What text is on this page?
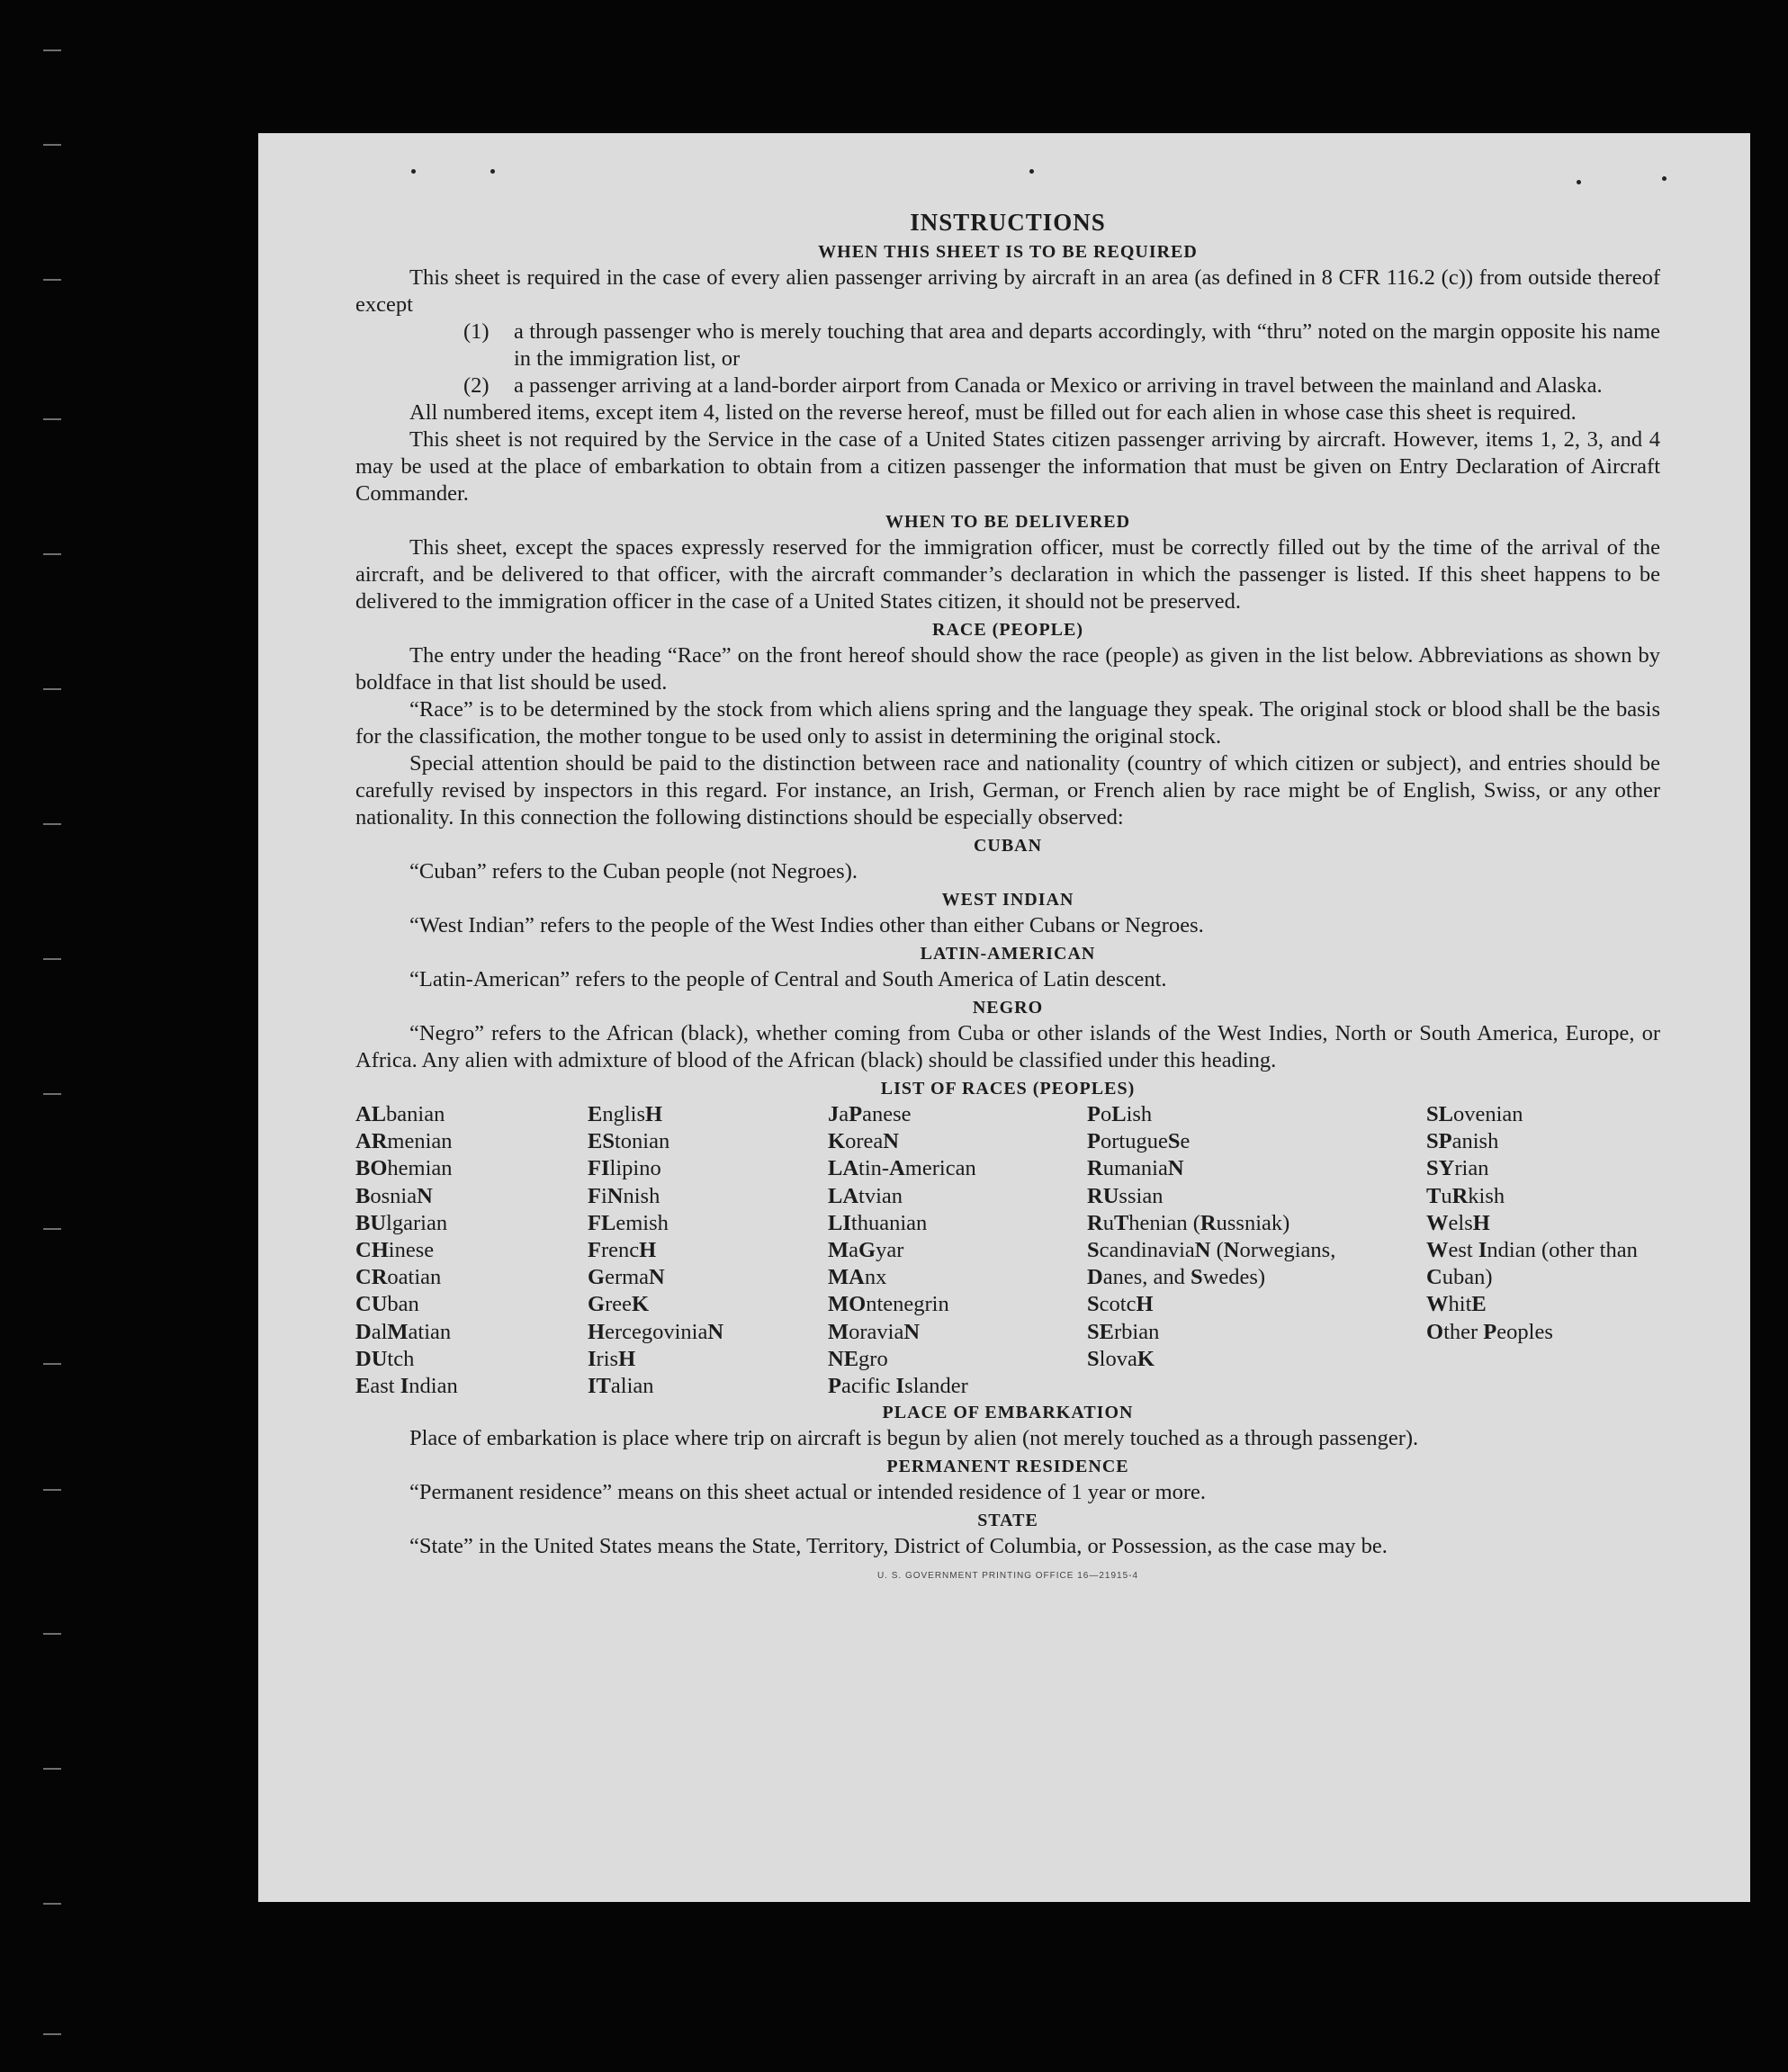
INSTRUCTIONS
WHEN THIS SHEET IS TO BE REQUIRED

This sheet is required in the case of every alien passenger arriving by aircraft in an area (as defined in 8 CFR 116.2 (c)) from outside thereof except

(1) a through passenger who is merely touching that area and departs accordingly, with “thru” noted on the margin opposite his name in the immigration list, or
(2) a passenger arriving at a land-border airport from Canada or Mexico or arriving in travel between the mainland and Alaska.

All numbered items, except item 4, listed on the reverse hereof, must be filled out for each alien in whose case this sheet is required.

This sheet is not required by the Service in the case of a United States citizen passenger arriving by aircraft. However, items 1, 2, 3, and 4 may be used at the place of embarkation to obtain from a citizen passenger the information that must be given on Entry Declaration of Aircraft Commander.

WHEN TO BE DELIVERED

This sheet, except the spaces expressly reserved for the immigration officer, must be correctly filled out by the time of the arrival of the aircraft, and be delivered to that officer, with the aircraft commander’s declaration in which the passenger is listed. If this sheet happens to be delivered to the immigration officer in the case of a United States citizen, it should not be preserved.

RACE (PEOPLE)

The entry under the heading “Race” on the front hereof should show the race (people) as given in the list below. Abbreviations as shown by boldface in that list should be used.

“Race” is to be determined by the stock from which aliens spring and the language they speak. The original stock or blood shall be the basis for the classification, the mother tongue to be used only to assist in determining the original stock.

Special attention should be paid to the distinction between race and nationality (country of which citizen or subject), and entries should be carefully revised by inspectors in this regard. For instance, an Irish, German, or French alien by race might be of English, Swiss, or any other nationality. In this connection the following distinctions should be especially observed:

CUBAN

“Cuban” refers to the Cuban people (not Negroes).

WEST INDIAN

“West Indian” refers to the people of the West Indies other than either Cubans or Negroes.

LATIN-AMERICAN

“Latin-American” refers to the people of Central and South America of Latin descent.

NEGRO

“Negro” refers to the African (black), whether coming from Cuba or other islands of the West Indies, North or South America, Europe, or Africa. Any alien with admixture of blood of the African (black) should be classified under this heading.

LIST OF RACES (PEOPLES)
ALbanian
ARmenian
BOhemian
BosniaN
BUlgarian
CHinese
CRoatian
CUban
DalMatian
DUtch
East Indian
EnglisH
EStonian
FIlipino
FiNnish
FLemish
FrencH
GermaN
GreeK
HercegoviniaN
IrisH
ITalian
JaPanese
KoreaN
LAtin-American
LAtvian
LIthuanian
MaGyar
MAnx
MOntenegrin
MoraviaN
NEgro
Pacific Islander
PoLish
PortugueSe
RumaniaN
RUssian
RuThenian (Russniak)
ScandinaviaN (Norwegians, Danes, and Swedes)
ScotcH
SErbian
SlovaK
SLovenian
SPanish
SYrian
TuRkish
WelsH
West Indian (other than Cuban)
WhitE
Other Peoples
PLACE OF EMBARKATION

Place of embarkation is place where trip on aircraft is begun by alien (not merely touched as a through passenger).

PERMANENT RESIDENCE

“Permanent residence” means on this sheet actual or intended residence of 1 year or more.

STATE

“State” in the United States means the State, Territory, District of Columbia, or Possession, as the case may be.

U. S. GOVERNMENT PRINTING OFFICE 16—21915-4
